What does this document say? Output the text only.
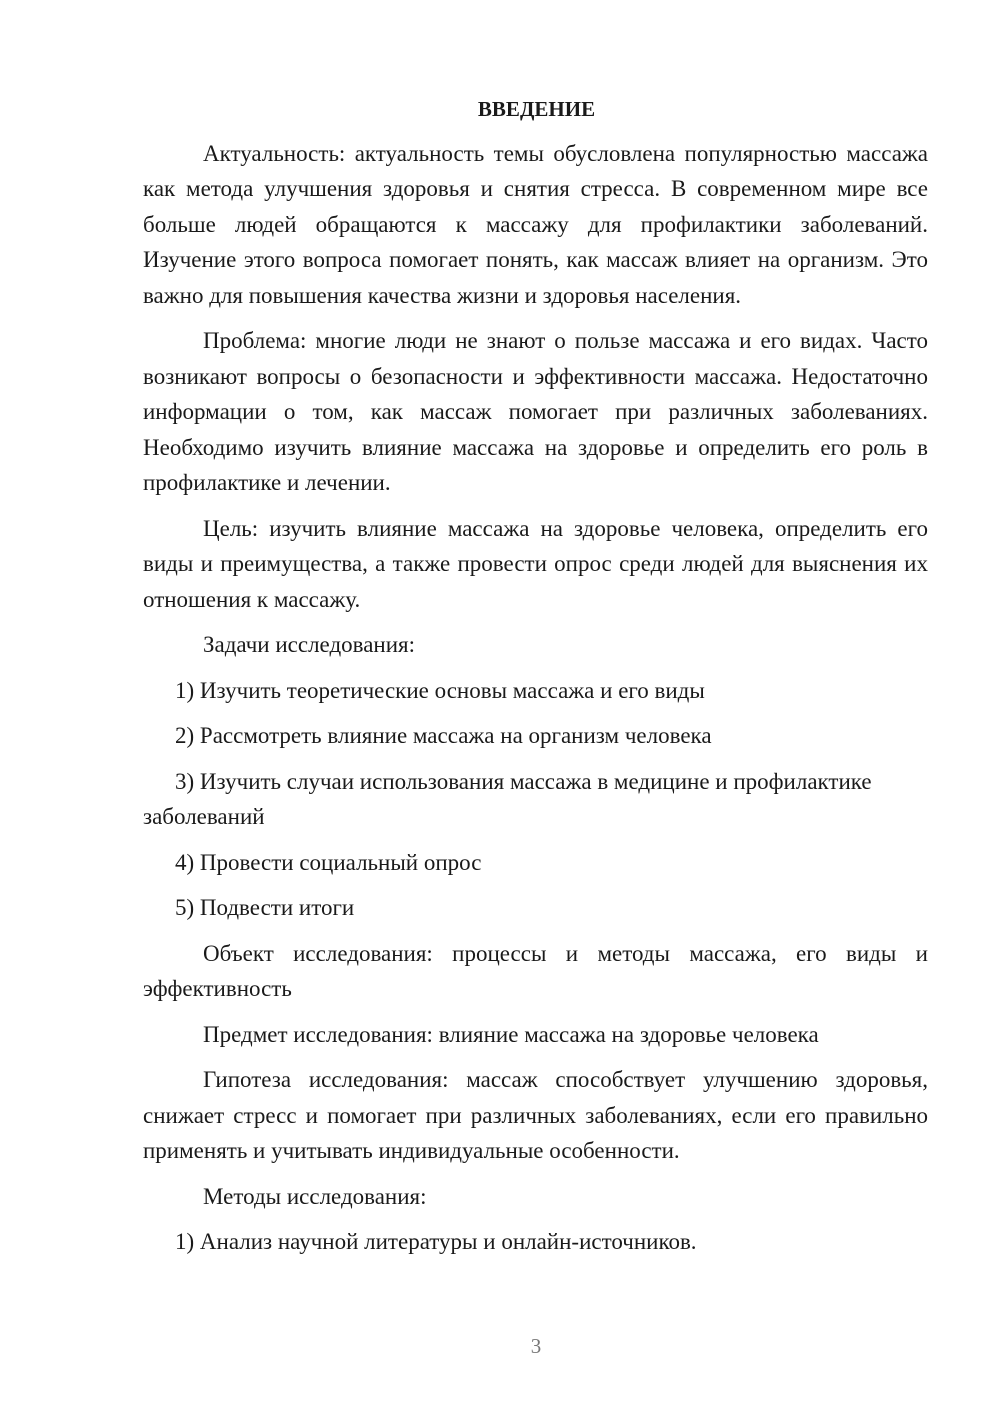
ВВЕДЕНИЕ

Актуальность: актуальность темы обусловлена популярностью массажа как метода улучшения здоровья и снятия стресса. В современном мире все больше людей обращаются к массажу для профилактики заболеваний. Изучение этого вопроса помогает понять, как массаж влияет на организм. Это важно для повышения качества жизни и здоровья населения.

Проблема: многие люди не знают о пользе массажа и его видах. Часто возникают вопросы о безопасности и эффективности массажа. Недостаточно информации о том, как массаж помогает при различных заболеваниях. Необходимо изучить влияние массажа на здоровье и определить его роль в профилактике и лечении.

Цель: изучить влияние массажа на здоровье человека, определить его виды и преимущества, а также провести опрос среди людей для выяснения их отношения к массажу.

Задачи исследования:

1) Изучить теоретические основы массажа и его виды

2) Рассмотреть влияние массажа на организм человека

3) Изучить случаи использования массажа в медицине и профилактике заболеваний

4) Провести социальный опрос

5) Подвести итоги

Объект исследования: процессы и методы массажа, его виды и эффективность

Предмет исследования: влияние массажа на здоровье человека

Гипотеза исследования: массаж способствует улучшению здоровья, снижает стресс и помогает при различных заболеваниях, если его правильно применять и учитывать индивидуальные особенности.

Методы исследования:

1) Анализ научной литературы и онлайн-источников.

3
